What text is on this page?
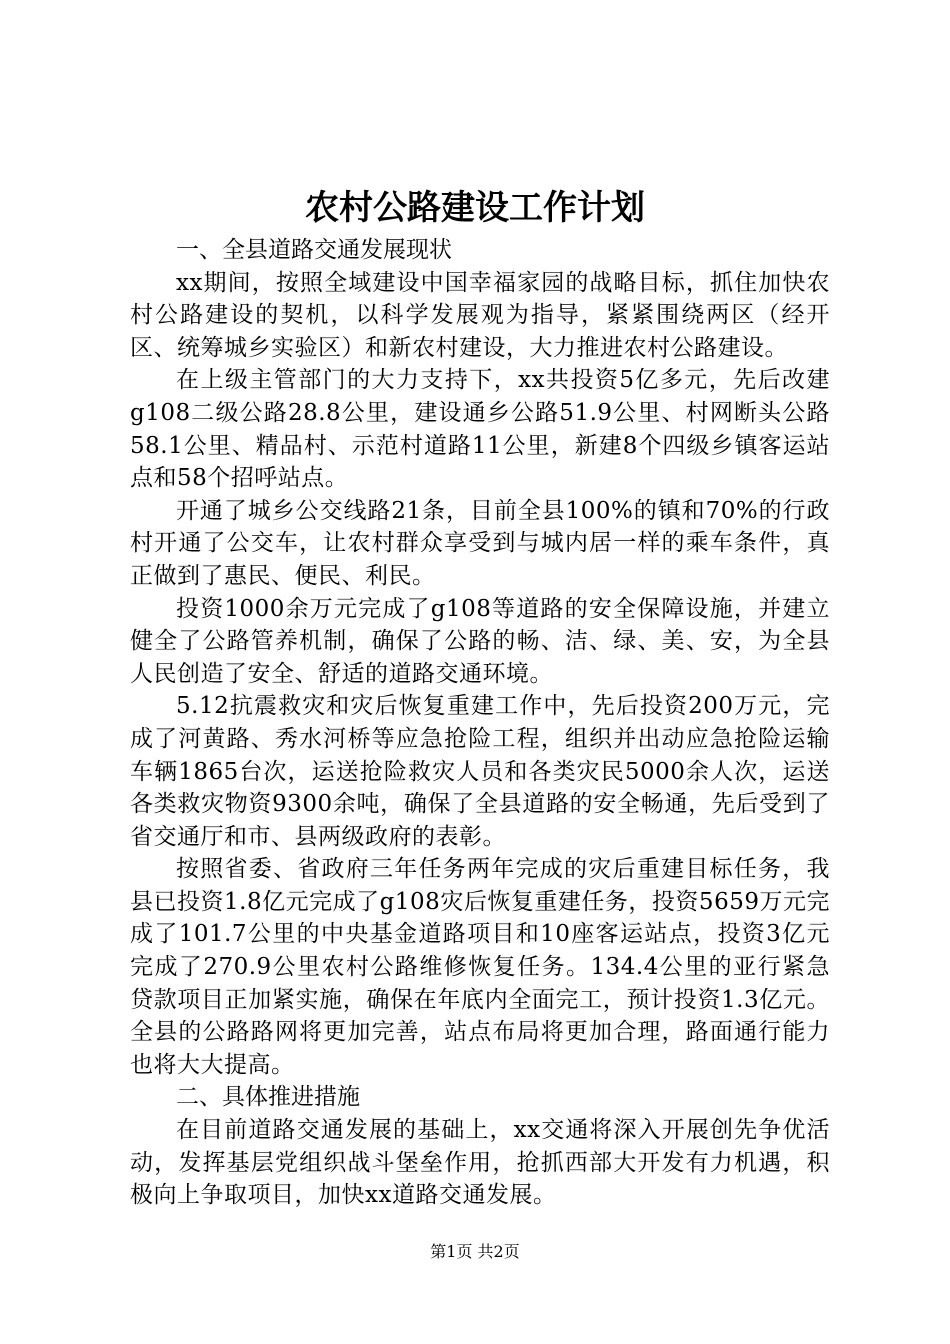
农村公路建设工作计划

一、全县道路交通发展现状

xx期间，按照全域建设中国幸福家园的战略目标，抓住加快农村公路建设的契机，以科学发展观为指导，紧紧围绕两区（经开区、统筹城乡实验区）和新农村建设，大力推进农村公路建设。

在上级主管部门的大力支持下，xx共投资5亿多元，先后改建g108二级公路28.8公里，建设通乡公路51.9公里、村网断头公路58.1公里、精品村、示范村道路11公里，新建8个四级乡镇客运站点和58个招呼站点。

开通了城乡公交线路21条，目前全县100%的镇和70%的行政村开通了公交车，让农村群众享受到与城内居一样的乘车条件，真正做到了惠民、便民、利民。

投资1000余万元完成了g108等道路的安全保障设施，并建立健全了公路管养机制，确保了公路的畅、洁、绿、美、安，为全县人民创造了安全、舒适的道路交通环境。

5.12抗震救灾和灾后恢复重建工作中，先后投资200万元，完成了河黄路、秀水河桥等应急抢险工程，组织并出动应急抢险运输车辆1865台次，运送抢险救灾人员和各类灾民5000余人次，运送各类救灾物资9300余吨，确保了全县道路的安全畅通，先后受到了省交通厅和市、县两级政府的表彰。

按照省委、省政府三年任务两年完成的灾后重建目标任务，我县已投资1.8亿元完成了g108灾后恢复重建任务，投资5659万元完成了101.7公里的中央基金道路项目和10座客运站点，投资3亿元完成了270.9公里农村公路维修恢复任务。134.4公里的亚行紧急贷款项目正加紧实施，确保在年底内全面完工，预计投资1.3亿元。全县的公路路网将更加完善，站点布局将更加合理，路面通行能力也将大大提高。

二、具体推进措施

在目前道路交通发展的基础上，xx交通将深入开展创先争优活动，发挥基层党组织战斗堡垒作用，抢抓西部大开发有力机遇，积极向上争取项目，加快xx道路交通发展。

第1页 共2页
